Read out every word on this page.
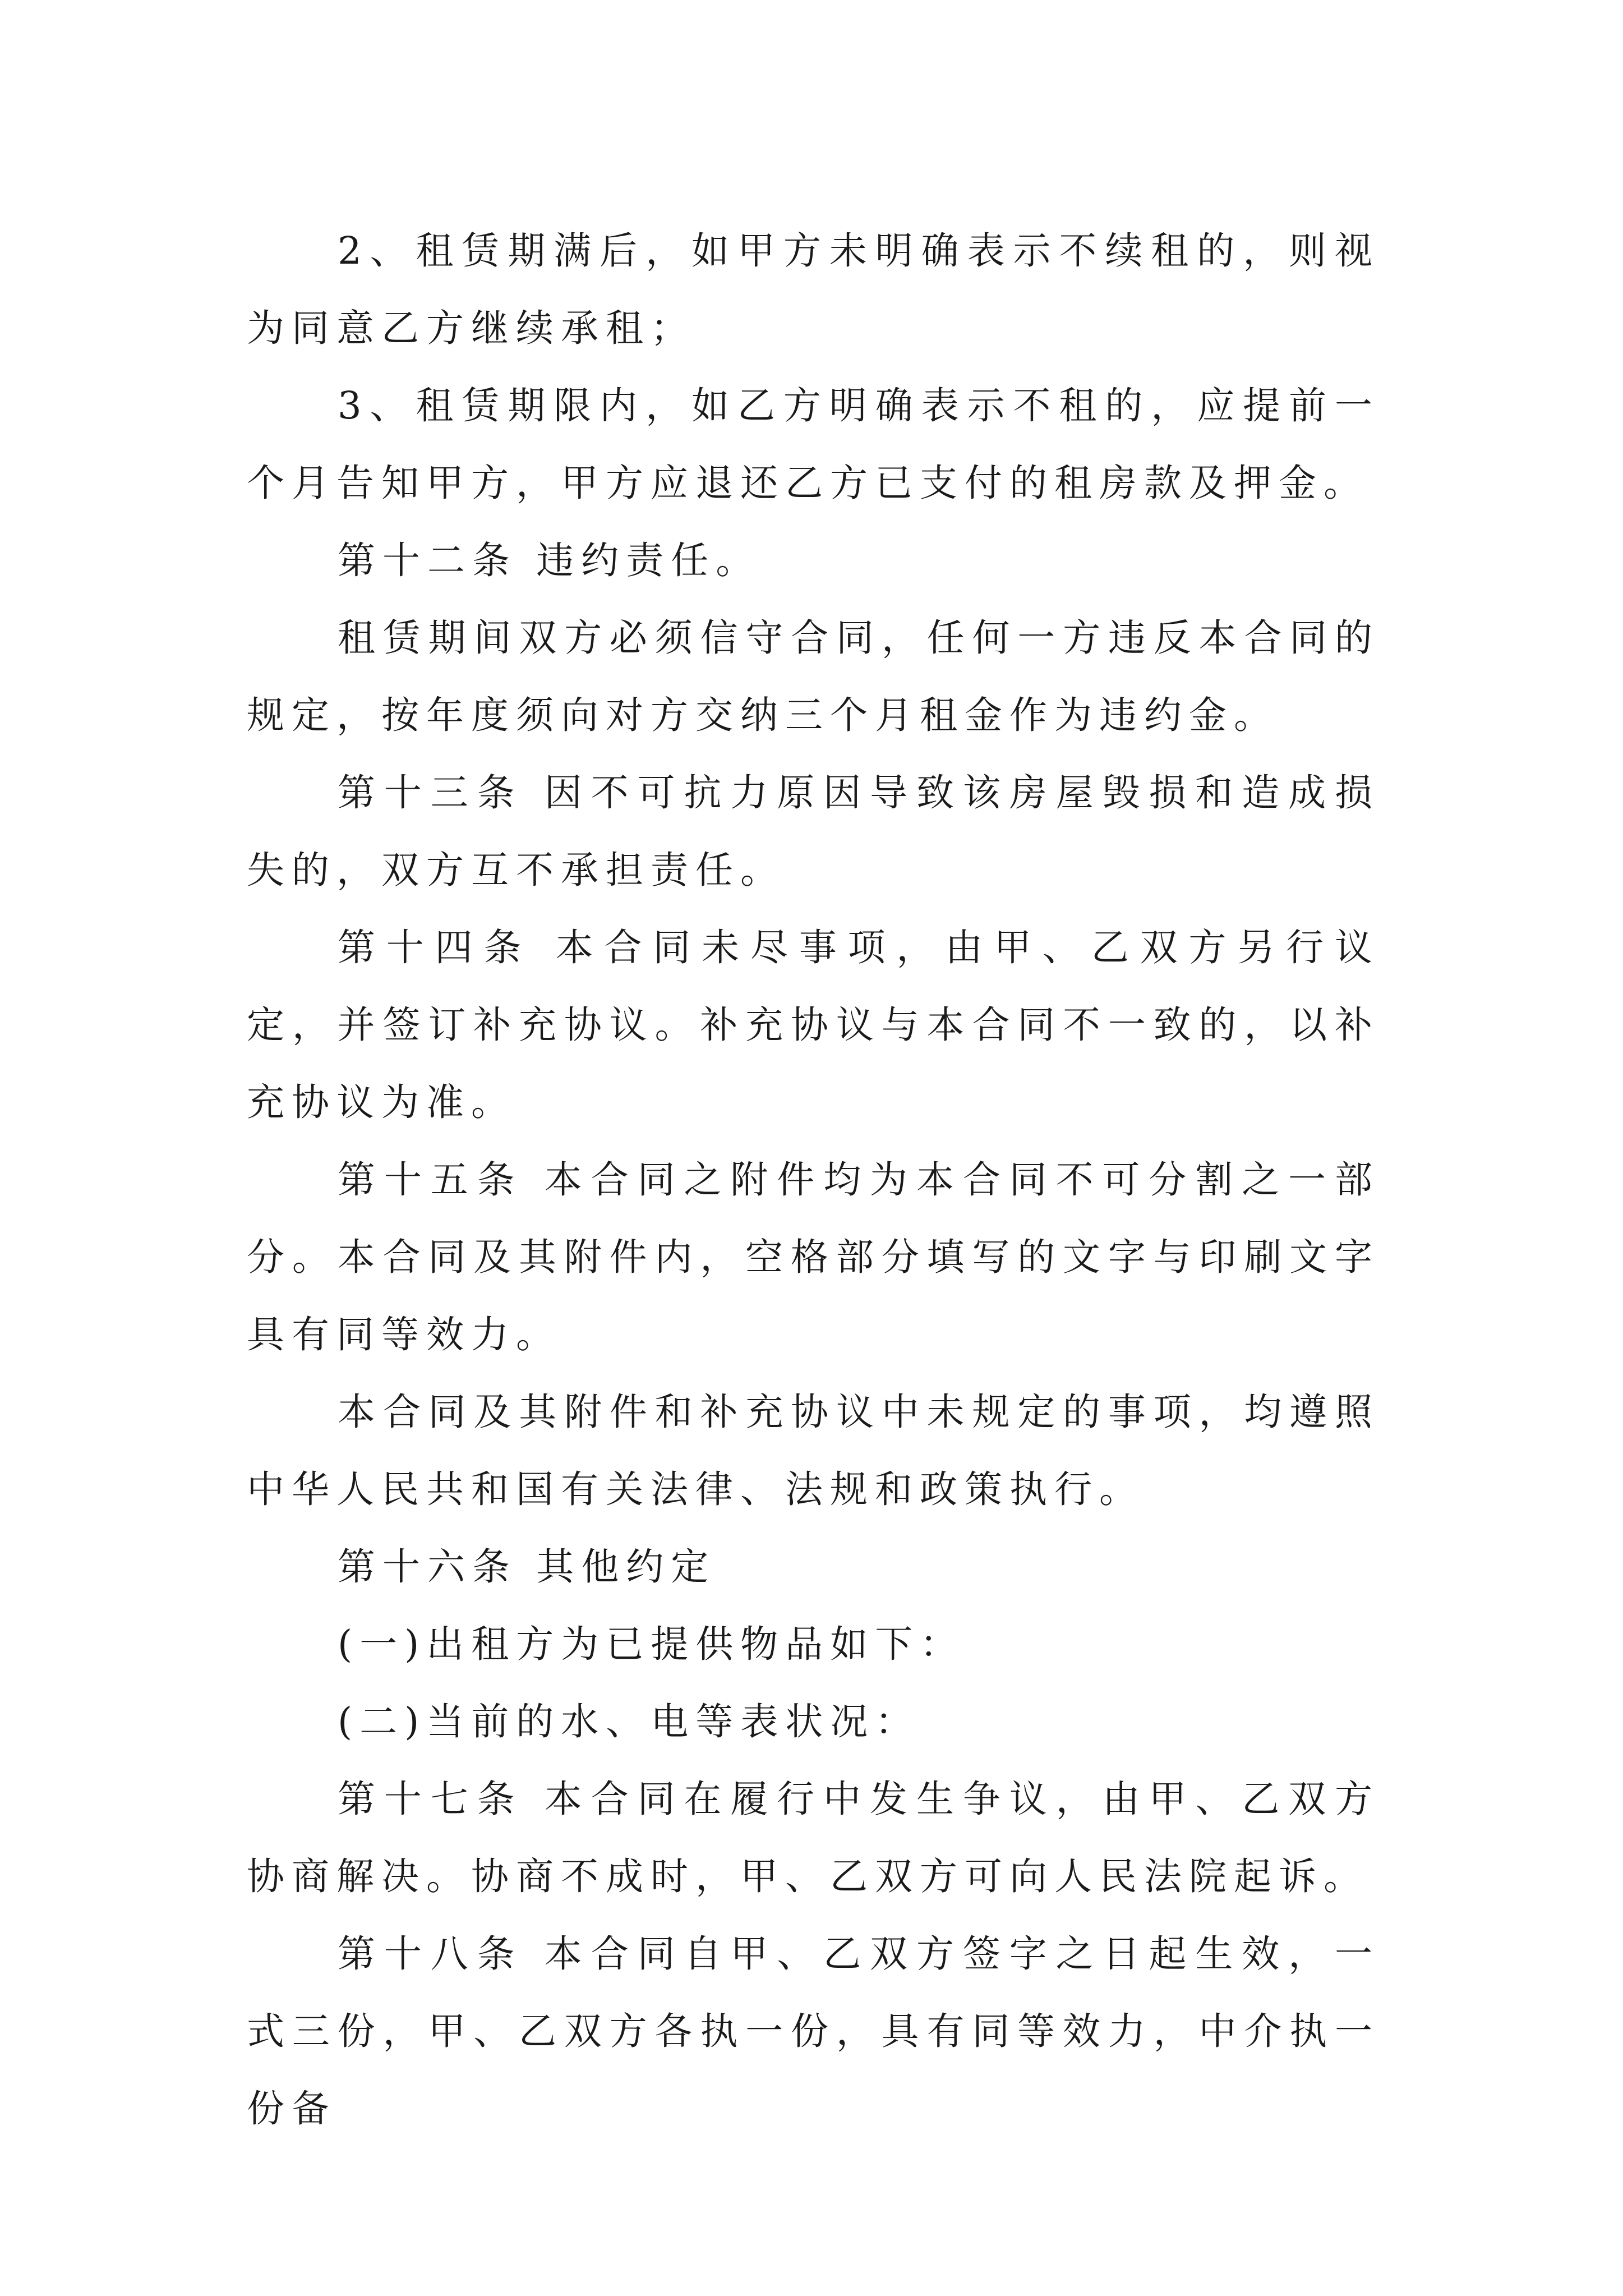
2、租赁期满后，如甲方未明确表示不续租的，则视为同意乙方继续承租；

3、租赁期限内，如乙方明确表示不租的，应提前一个月告知甲方，甲方应退还乙方已支付的租房款及押金。

第十二条 违约责任。

租赁期间双方必须信守合同，任何一方违反本合同的规定，按年度须向对方交纳三个月租金作为违约金。

第十三条 因不可抗力原因导致该房屋毁损和造成损失的，双方互不承担责任。

第十四条 本合同未尽事项，由甲、乙双方另行议定，并签订补充协议。补充协议与本合同不一致的，以补充协议为准。

第十五条 本合同之附件均为本合同不可分割之一部分。本合同及其附件内，空格部分填写的文字与印刷文字具有同等效力。

本合同及其附件和补充协议中未规定的事项，均遵照中华人民共和国有关法律、法规和政策执行。

第十六条 其他约定

(一)出租方为已提供物品如下：

(二)当前的水、电等表状况：

第十七条 本合同在履行中发生争议，由甲、乙双方协商解决。协商不成时，甲、乙双方可向人民法院起诉。

第十八条 本合同自甲、乙双方签字之日起生效，一式三份，甲、乙双方各执一份，具有同等效力，中介执一份备
